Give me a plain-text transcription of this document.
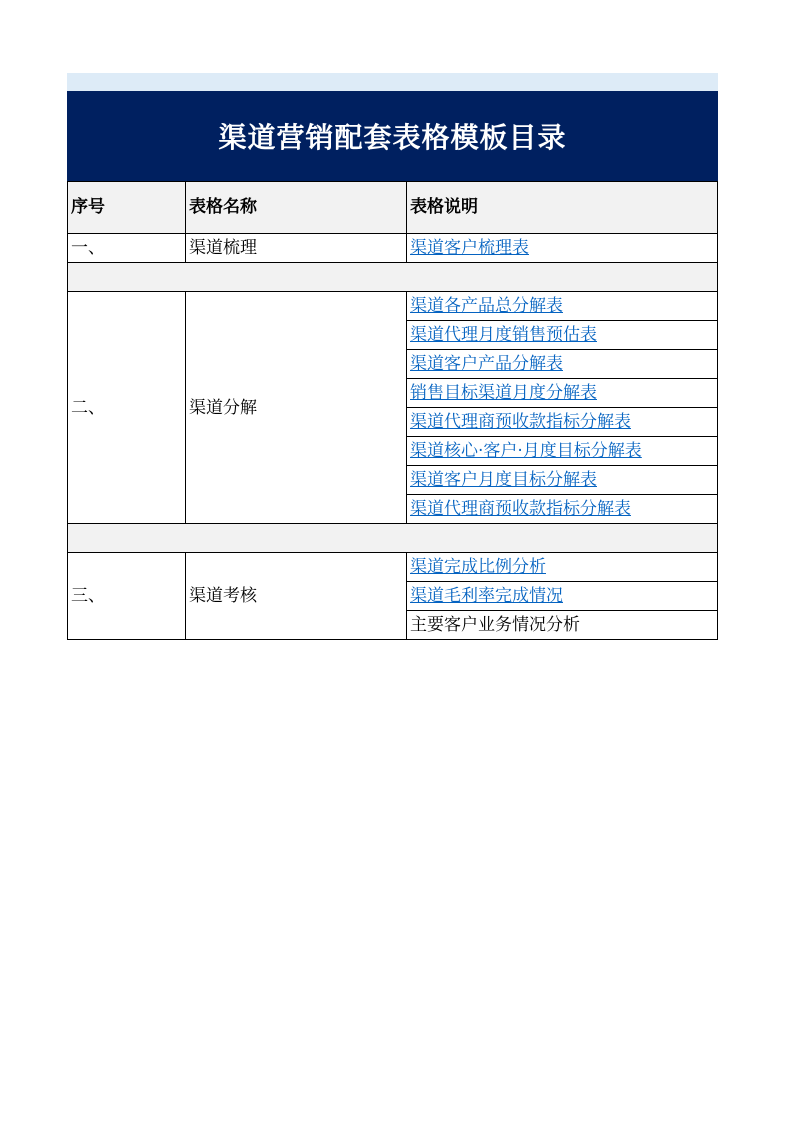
渠道营销配套表格模板目录
序号	表格名称	表格说明
一、	渠道梳理	渠道客户梳理表

二、	渠道分解	渠道各产品总分解表
		渠道代理月度销售预估表
		渠道客户产品分解表
		销售目标渠道月度分解表
		渠道代理商预收款指标分解表
		渠道核心·客户·月度目标分解表
		渠道客户月度目标分解表
		渠道代理商预收款指标分解表

三、	渠道考核	渠道完成比例分析
		渠道毛利率完成情况
		主要客户业务情况分析
